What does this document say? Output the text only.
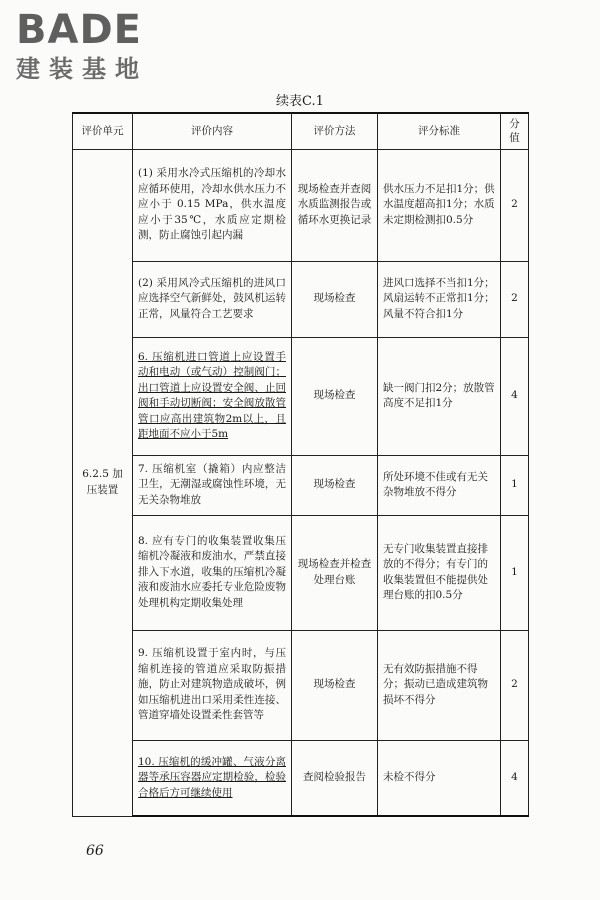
BADE
建装基地
续表C.1
评价单元	评价内容	评价方法	评分标准	分值
6.2.5 加压装置	(1) 采用水冷式压缩机的冷却水应循环使用，冷却水供水压力不应小于 0.15 MPa，供水温度应小于35℃，水质应定期检测，防止腐蚀引起内漏	现场检查并查阅水质监测报告或循环水更换记录	供水压力不足扣1分；供水温度超高扣1分；水质未定期检测扣0.5分	2
	(2) 采用风冷式压缩机的进风口应选择空气新鲜处，鼓风机运转正常，风量符合工艺要求	现场检查	进风口选择不当扣1分；风扇运转不正常扣1分；风量不符合扣1分	2
	6. 压缩机进口管道上应设置手动和电动（或气动）控制阀门；出口管道上应设置安全阀、止回阀和手动切断阀；安全阀放散管管口应高出建筑物2m以上，且距地面不应小于5m	现场检查	缺一阀门扣2分；放散管高度不足扣1分	4
	7. 压缩机室（撬箱）内应整洁卫生，无潮湿或腐蚀性环境，无无关杂物堆放	现场检查	所处环境不佳或有无关杂物堆放不得分	1
	8. 应有专门的收集装置收集压缩机冷凝液和废油水，严禁直接排入下水道，收集的压缩机冷凝液和废油水应委托专业危险废物处理机构定期收集处理	现场检查并检查处理台账	无专门收集装置直接排放的不得分；有专门的收集装置但不能提供处理台账的扣0.5分	1
	9. 压缩机设置于室内时，与压缩机连接的管道应采取防振措施，防止对建筑物造成破坏，例如压缩机进出口采用柔性连接、管道穿墙处设置柔性套管等	现场检查	无有效防振措施不得分；振动已造成建筑物损坏不得分	2
	10. 压缩机的缓冲罐、气液分离器等承压容器应定期检验，检验合格后方可继续使用	查阅检验报告	未检不得分	4
66
